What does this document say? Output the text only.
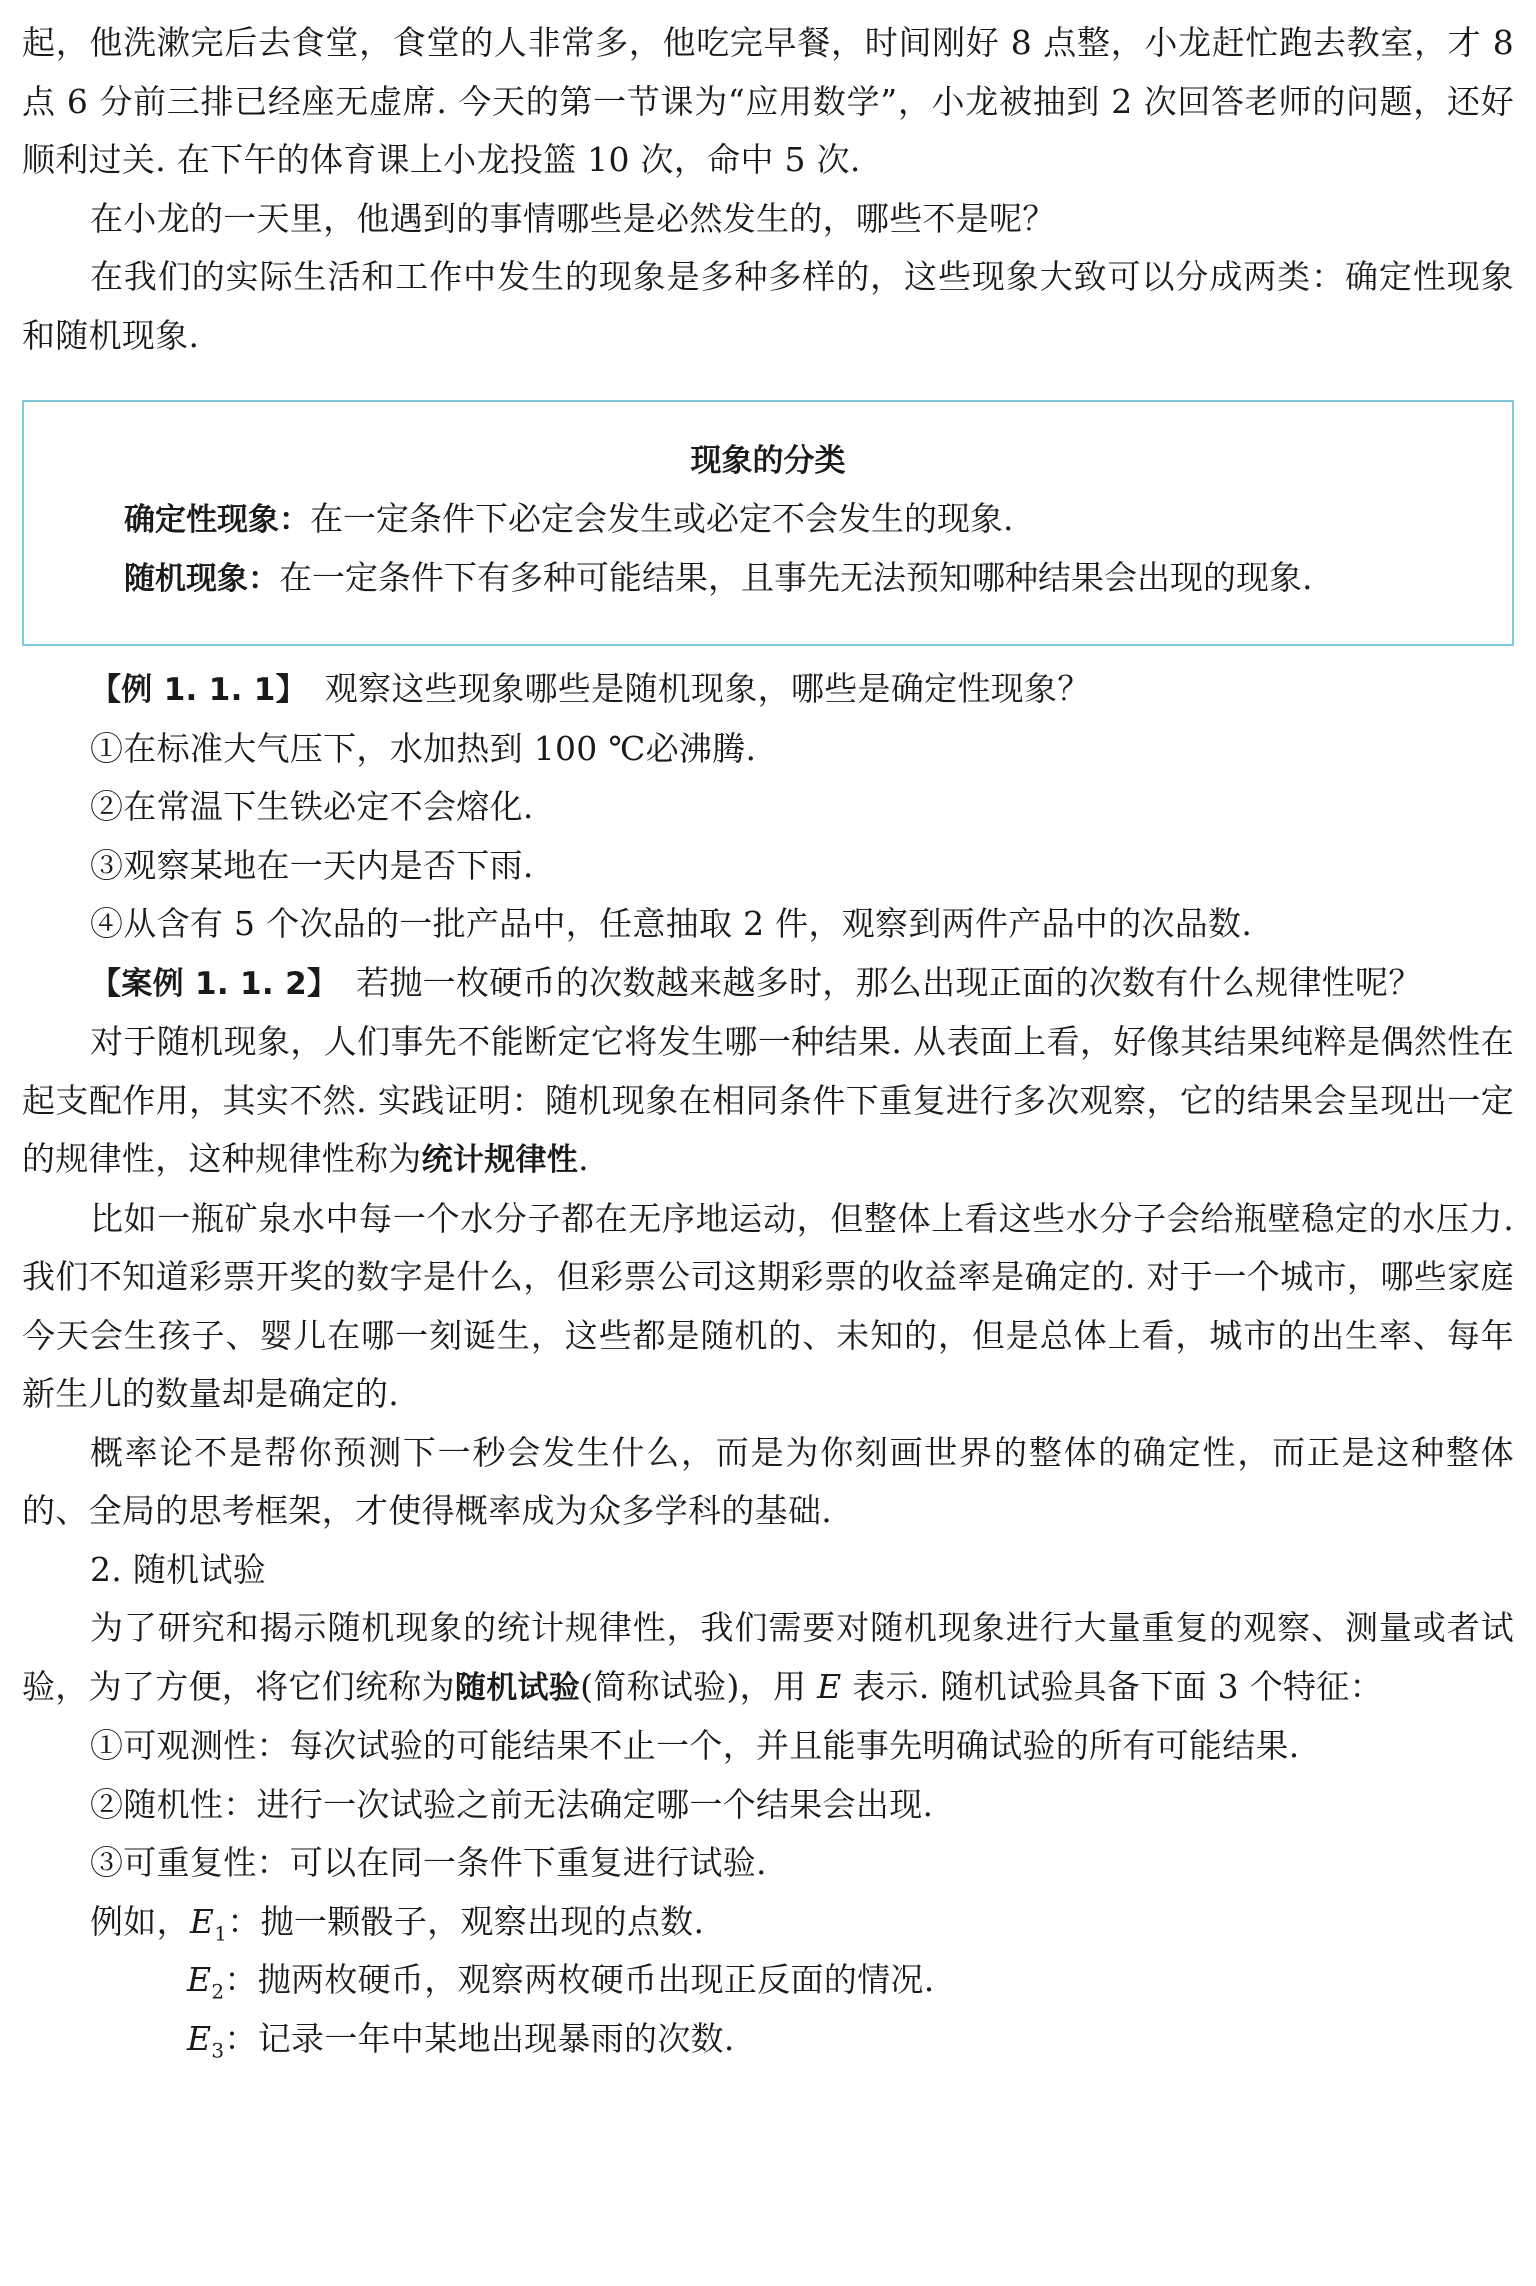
起，他洗漱完后去食堂，食堂的人非常多，他吃完早餐，时间刚好 8 点整，小龙赶忙跑去教室，才 8 点 6 分前三排已经座无虚席. 今天的第一节课为“应用数学”，小龙被抽到 2 次回答老师的问题，还好顺利过关. 在下午的体育课上小龙投篮 10 次，命中 5 次.

在小龙的一天里，他遇到的事情哪些是必然发生的，哪些不是呢？

在我们的实际生活和工作中发生的现象是多种多样的，这些现象大致可以分成两类：确定性现象和随机现象.

现象的分类
确定性现象：在一定条件下必定会发生或必定不会发生的现象.
随机现象：在一定条件下有多种可能结果，且事先无法预知哪种结果会出现的现象.

【例 1. 1. 1】　观察这些现象哪些是随机现象，哪些是确定性现象？

①在标准大气压下，水加热到 100 ℃必沸腾.

②在常温下生铁必定不会熔化.

③观察某地在一天内是否下雨.

④从含有 5 个次品的一批产品中，任意抽取 2 件，观察到两件产品中的次品数.

【案例 1. 1. 2】　若抛一枚硬币的次数越来越多时，那么出现正面的次数有什么规律性呢？

对于随机现象，人们事先不能断定它将发生哪一种结果. 从表面上看，好像其结果纯粹是偶然性在起支配作用，其实不然. 实践证明：随机现象在相同条件下重复进行多次观察，它的结果会呈现出一定的规律性，这种规律性称为统计规律性.

比如一瓶矿泉水中每一个水分子都在无序地运动，但整体上看这些水分子会给瓶壁稳定的水压力. 我们不知道彩票开奖的数字是什么，但彩票公司这期彩票的收益率是确定的. 对于一个城市，哪些家庭今天会生孩子、婴儿在哪一刻诞生，这些都是随机的、未知的，但是总体上看，城市的出生率、每年新生儿的数量却是确定的.

概率论不是帮你预测下一秒会发生什么，而是为你刻画世界的整体的确定性，而正是这种整体的、全局的思考框架，才使得概率成为众多学科的基础.

2. 随机试验

为了研究和揭示随机现象的统计规律性，我们需要对随机现象进行大量重复的观察、测量或者试验，为了方便，将它们统称为随机试验(简称试验)，用 E 表示. 随机试验具备下面 3 个特征：

①可观测性：每次试验的可能结果不止一个，并且能事先明确试验的所有可能结果.

②随机性：进行一次试验之前无法确定哪一个结果会出现.

③可重复性：可以在同一条件下重复进行试验.

例如，$E_1$：抛一颗骰子，观察出现的点数.

$E_2$：抛两枚硬币，观察两枚硬币出现正反面的情况.

$E_3$：记录一年中某地出现暴雨的次数.
